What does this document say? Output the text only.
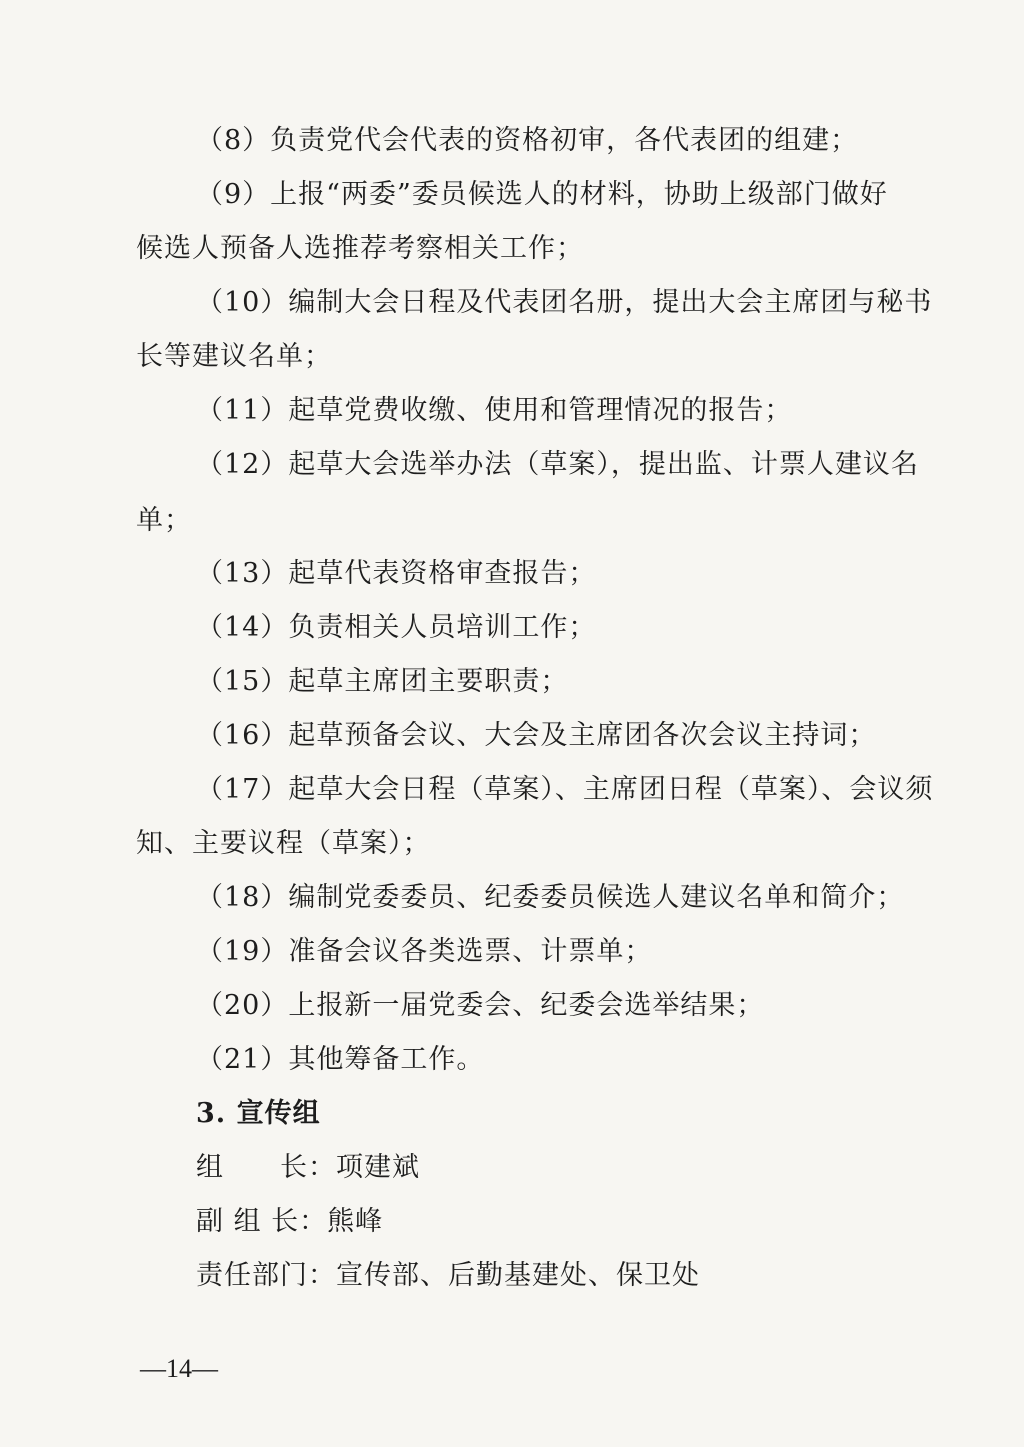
（8）负责党代会代表的资格初审，各代表团的组建；
（9）上报“两委”委员候选人的材料，协助上级部门做好
候选人预备人选推荐考察相关工作；
（10）编制大会日程及代表团名册，提出大会主席团与秘书
长等建议名单；
（11）起草党费收缴、使用和管理情况的报告；
（12）起草大会选举办法（草案），提出监、计票人建议名
单；
（13）起草代表资格审查报告；
（14）负责相关人员培训工作；
（15）起草主席团主要职责；
（16）起草预备会议、大会及主席团各次会议主持词；
（17）起草大会日程（草案）、主席团日程（草案）、会议须
知、主要议程（草案）；
（18）编制党委委员、纪委委员候选人建议名单和简介；
（19）准备会议各类选票、计票单；
（20）上报新一届党委会、纪委会选举结果；
（21）其他筹备工作。
3. 宣传组
组　　长：项建斌
副 组 长：熊峰
责任部门：宣传部、后勤基建处、保卫处
—14—
